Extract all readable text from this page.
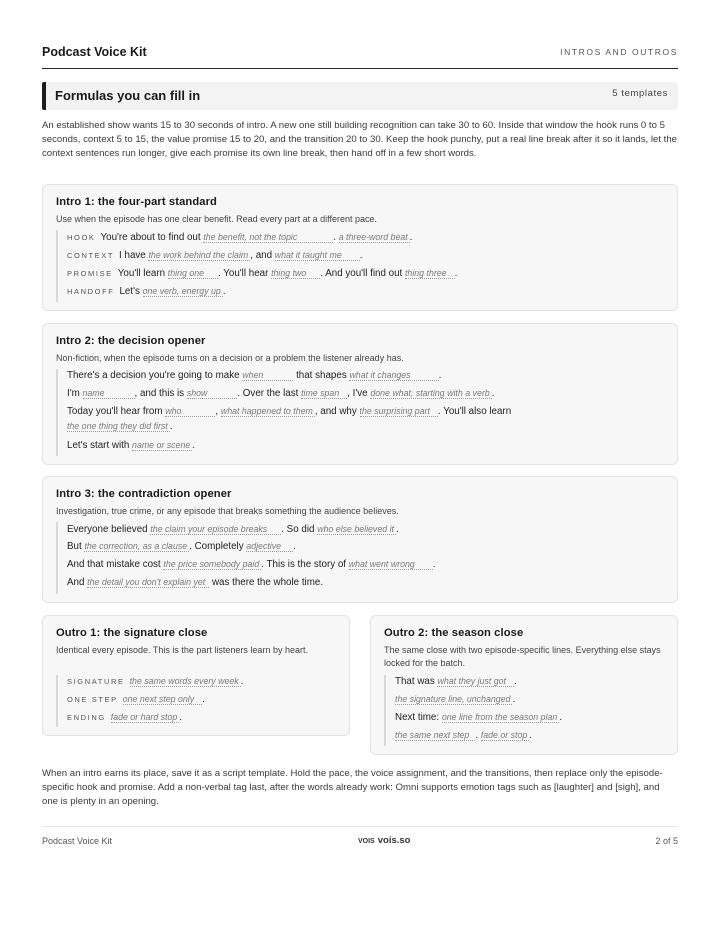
Podcast Voice Kit	INTROS AND OUTROS
Formulas you can fill in	5 templates
An established show wants 15 to 30 seconds of intro. A new one still building recognition can take 30 to 60. Inside that window the hook runs 0 to 5 seconds, context 5 to 15, the value promise 15 to 20, and the transition 20 to 30. Keep the hook punchy, put a real line break after it so it lands, let the context sentences run longer, give each promise its own line break, then hand off in a few short words.
Intro 1: the four-part standard
Use when the episode has one clear benefit. Read every part at a different pace.
HOOK You're about to find out the benefit, not the topic	. a three-word beat .
CONTEXT I have the work behind the claim , and what it taught me .
PROMISE You'll learn thing one . You'll hear thing two . And you'll find out thing three .
HANDOFF Let's one verb, energy up .
Intro 2: the decision opener
Non-fiction, when the episode turns on a decision or a problem the listener already has.
There's a decision you're going to make when	that shapes what it changes	.
I'm name	, and this is show	. Over the last time span , I've done what, starting with a verb .
Today you'll hear from who	, what happened to them , and why the surprising part . You'll also learn
the one thing they did first .
Let's start with name or scene .
Intro 3: the contradiction opener
Investigation, true crime, or any episode that breaks something the audience believes.
Everyone believed the claim your episode breaks . So did who else believed it .
But the correction, as a clause . Completely adjective .
And that mistake cost the price somebody paid . This is the story of what went wrong .
And the detail you don't explain yet was there the whole time.
Outro 1: the signature close
Identical every episode. This is the part listeners learn by heart.
SIGNATURE the same words every week .
ONE STEP one next step only .
ENDING fade or hard stop .
Outro 2: the season close
The same close with two episode-specific lines. Everything else stays locked for the batch.
That was what they just got .
the signature line, unchanged .
Next time: one line from the season plan .
the same next step . fade or stop .
When an intro earns its place, save it as a script template. Hold the pace, the voice assignment, and the transitions, then replace only the episode-specific hook and promise. Add a non-verbal tag last, after the words already work: Omni supports emotion tags such as [laughter] and [sigh], and one is plenty in an opening.
Podcast Voice Kit	VOIS vois.so	2 of 5
